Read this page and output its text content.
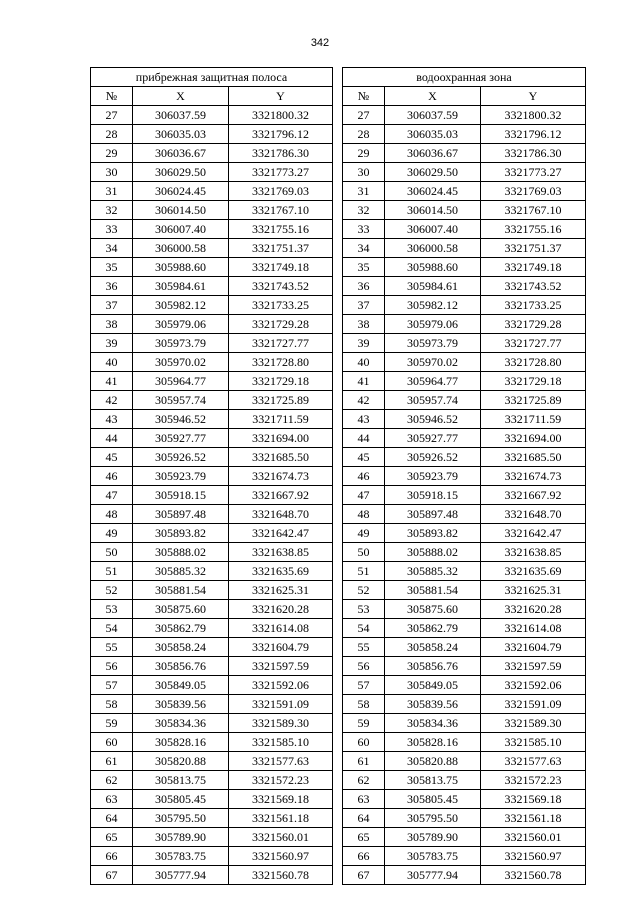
342
прибрежная защитная полоса		
№	X	Y
27	306037.59	3321800.32
28	306035.03	3321796.12
29	306036.67	3321786.30
30	306029.50	3321773.27
31	306024.45	3321769.03
32	306014.50	3321767.10
33	306007.40	3321755.16
34	306000.58	3321751.37
35	305988.60	3321749.18
36	305984.61	3321743.52
37	305982.12	3321733.25
38	305979.06	3321729.28
39	305973.79	3321727.77
40	305970.02	3321728.80
41	305964.77	3321729.18
42	305957.74	3321725.89
43	305946.52	3321711.59
44	305927.77	3321694.00
45	305926.52	3321685.50
46	305923.79	3321674.73
47	305918.15	3321667.92
48	305897.48	3321648.70
49	305893.82	3321642.47
50	305888.02	3321638.85
51	305885.32	3321635.69
52	305881.54	3321625.31
53	305875.60	3321620.28
54	305862.79	3321614.08
55	305858.24	3321604.79
56	305856.76	3321597.59
57	305849.05	3321592.06
58	305839.56	3321591.09
59	305834.36	3321589.30
60	305828.16	3321585.10
61	305820.88	3321577.63
62	305813.75	3321572.23
63	305805.45	3321569.18
64	305795.50	3321561.18
65	305789.90	3321560.01
66	305783.75	3321560.97
67	305777.94	3321560.78
водоохранная зона		
№	X	Y
27	306037.59	3321800.32
28	306035.03	3321796.12
29	306036.67	3321786.30
30	306029.50	3321773.27
31	306024.45	3321769.03
32	306014.50	3321767.10
33	306007.40	3321755.16
34	306000.58	3321751.37
35	305988.60	3321749.18
36	305984.61	3321743.52
37	305982.12	3321733.25
38	305979.06	3321729.28
39	305973.79	3321727.77
40	305970.02	3321728.80
41	305964.77	3321729.18
42	305957.74	3321725.89
43	305946.52	3321711.59
44	305927.77	3321694.00
45	305926.52	3321685.50
46	305923.79	3321674.73
47	305918.15	3321667.92
48	305897.48	3321648.70
49	305893.82	3321642.47
50	305888.02	3321638.85
51	305885.32	3321635.69
52	305881.54	3321625.31
53	305875.60	3321620.28
54	305862.79	3321614.08
55	305858.24	3321604.79
56	305856.76	3321597.59
57	305849.05	3321592.06
58	305839.56	3321591.09
59	305834.36	3321589.30
60	305828.16	3321585.10
61	305820.88	3321577.63
62	305813.75	3321572.23
63	305805.45	3321569.18
64	305795.50	3321561.18
65	305789.90	3321560.01
66	305783.75	3321560.97
67	305777.94	3321560.78
